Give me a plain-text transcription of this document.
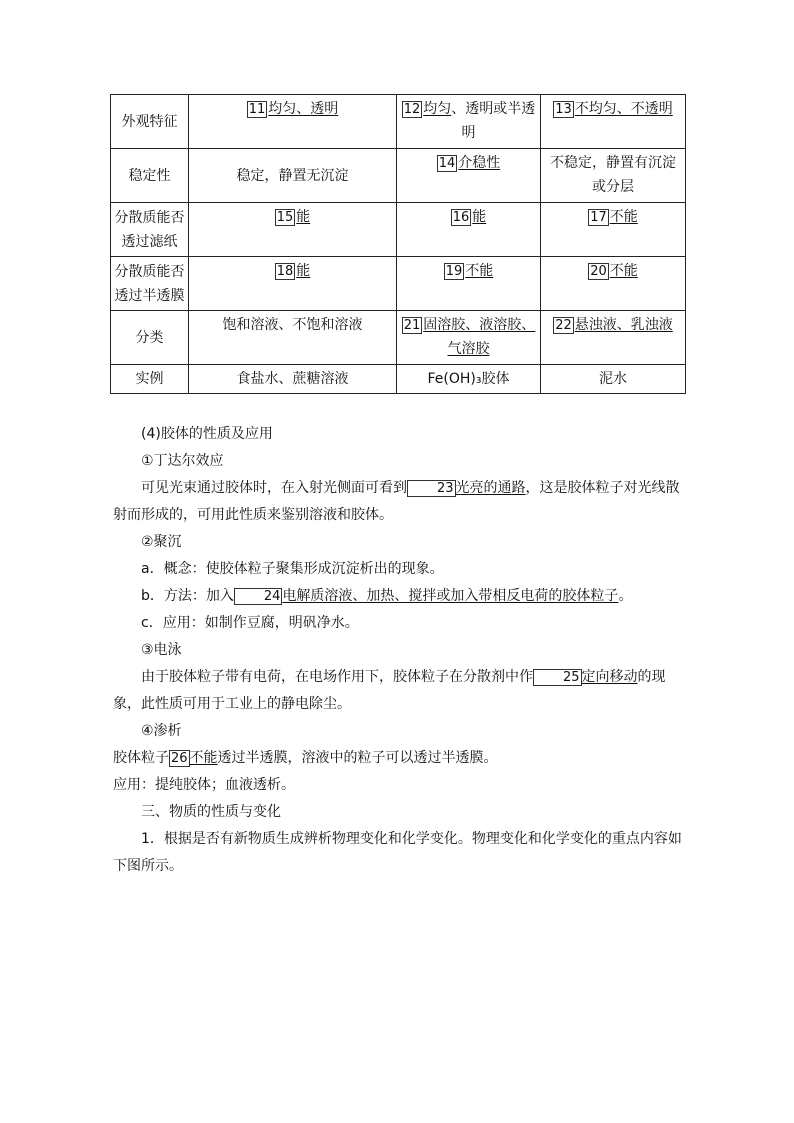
外观特征	11 均匀、透明	12 均匀、透明或半透明	13 不均匀、不透明
稳定性	稳定，静置无沉淀	14 介稳性	不稳定，静置有沉淀或分层
分散质能否透过滤纸	15 能	16 能	17 不能
分散质能否透过半透膜	18 能	19 不能	20 不能
分类	饱和溶液、不饱和溶液	21 固溶胶、液溶胶、气溶胶	22 悬浊液、乳浊液
实例	食盐水、蔗糖溶液	Fe(OH)₃胶体	泥水

(4)胶体的性质及应用

①丁达尔效应

可见光束通过胶体时，在入射光侧面可看到 23 光亮的通路，这是胶体粒子对光线散射而形成的，可用此性质来鉴别溶液和胶体。

②聚沉

a．概念：使胶体粒子聚集形成沉淀析出的现象。

b．方法：加入 24 电解质溶液、加热、搅拌或加入带相反电荷的胶体粒子。

c．应用：如制作豆腐，明矾净水。

③电泳

由于胶体粒子带有电荷，在电场作用下，胶体粒子在分散剂中作 25 定向移动的现象，此性质可用于工业上的静电除尘。

④渗析

胶体粒子 26 不能透过半透膜，溶液中的粒子可以透过半透膜。

应用：提纯胶体；血液透析。

三、物质的性质与变化

1．根据是否有新物质生成辨析物理变化和化学变化。物理变化和化学变化的重点内容如下图所示。
